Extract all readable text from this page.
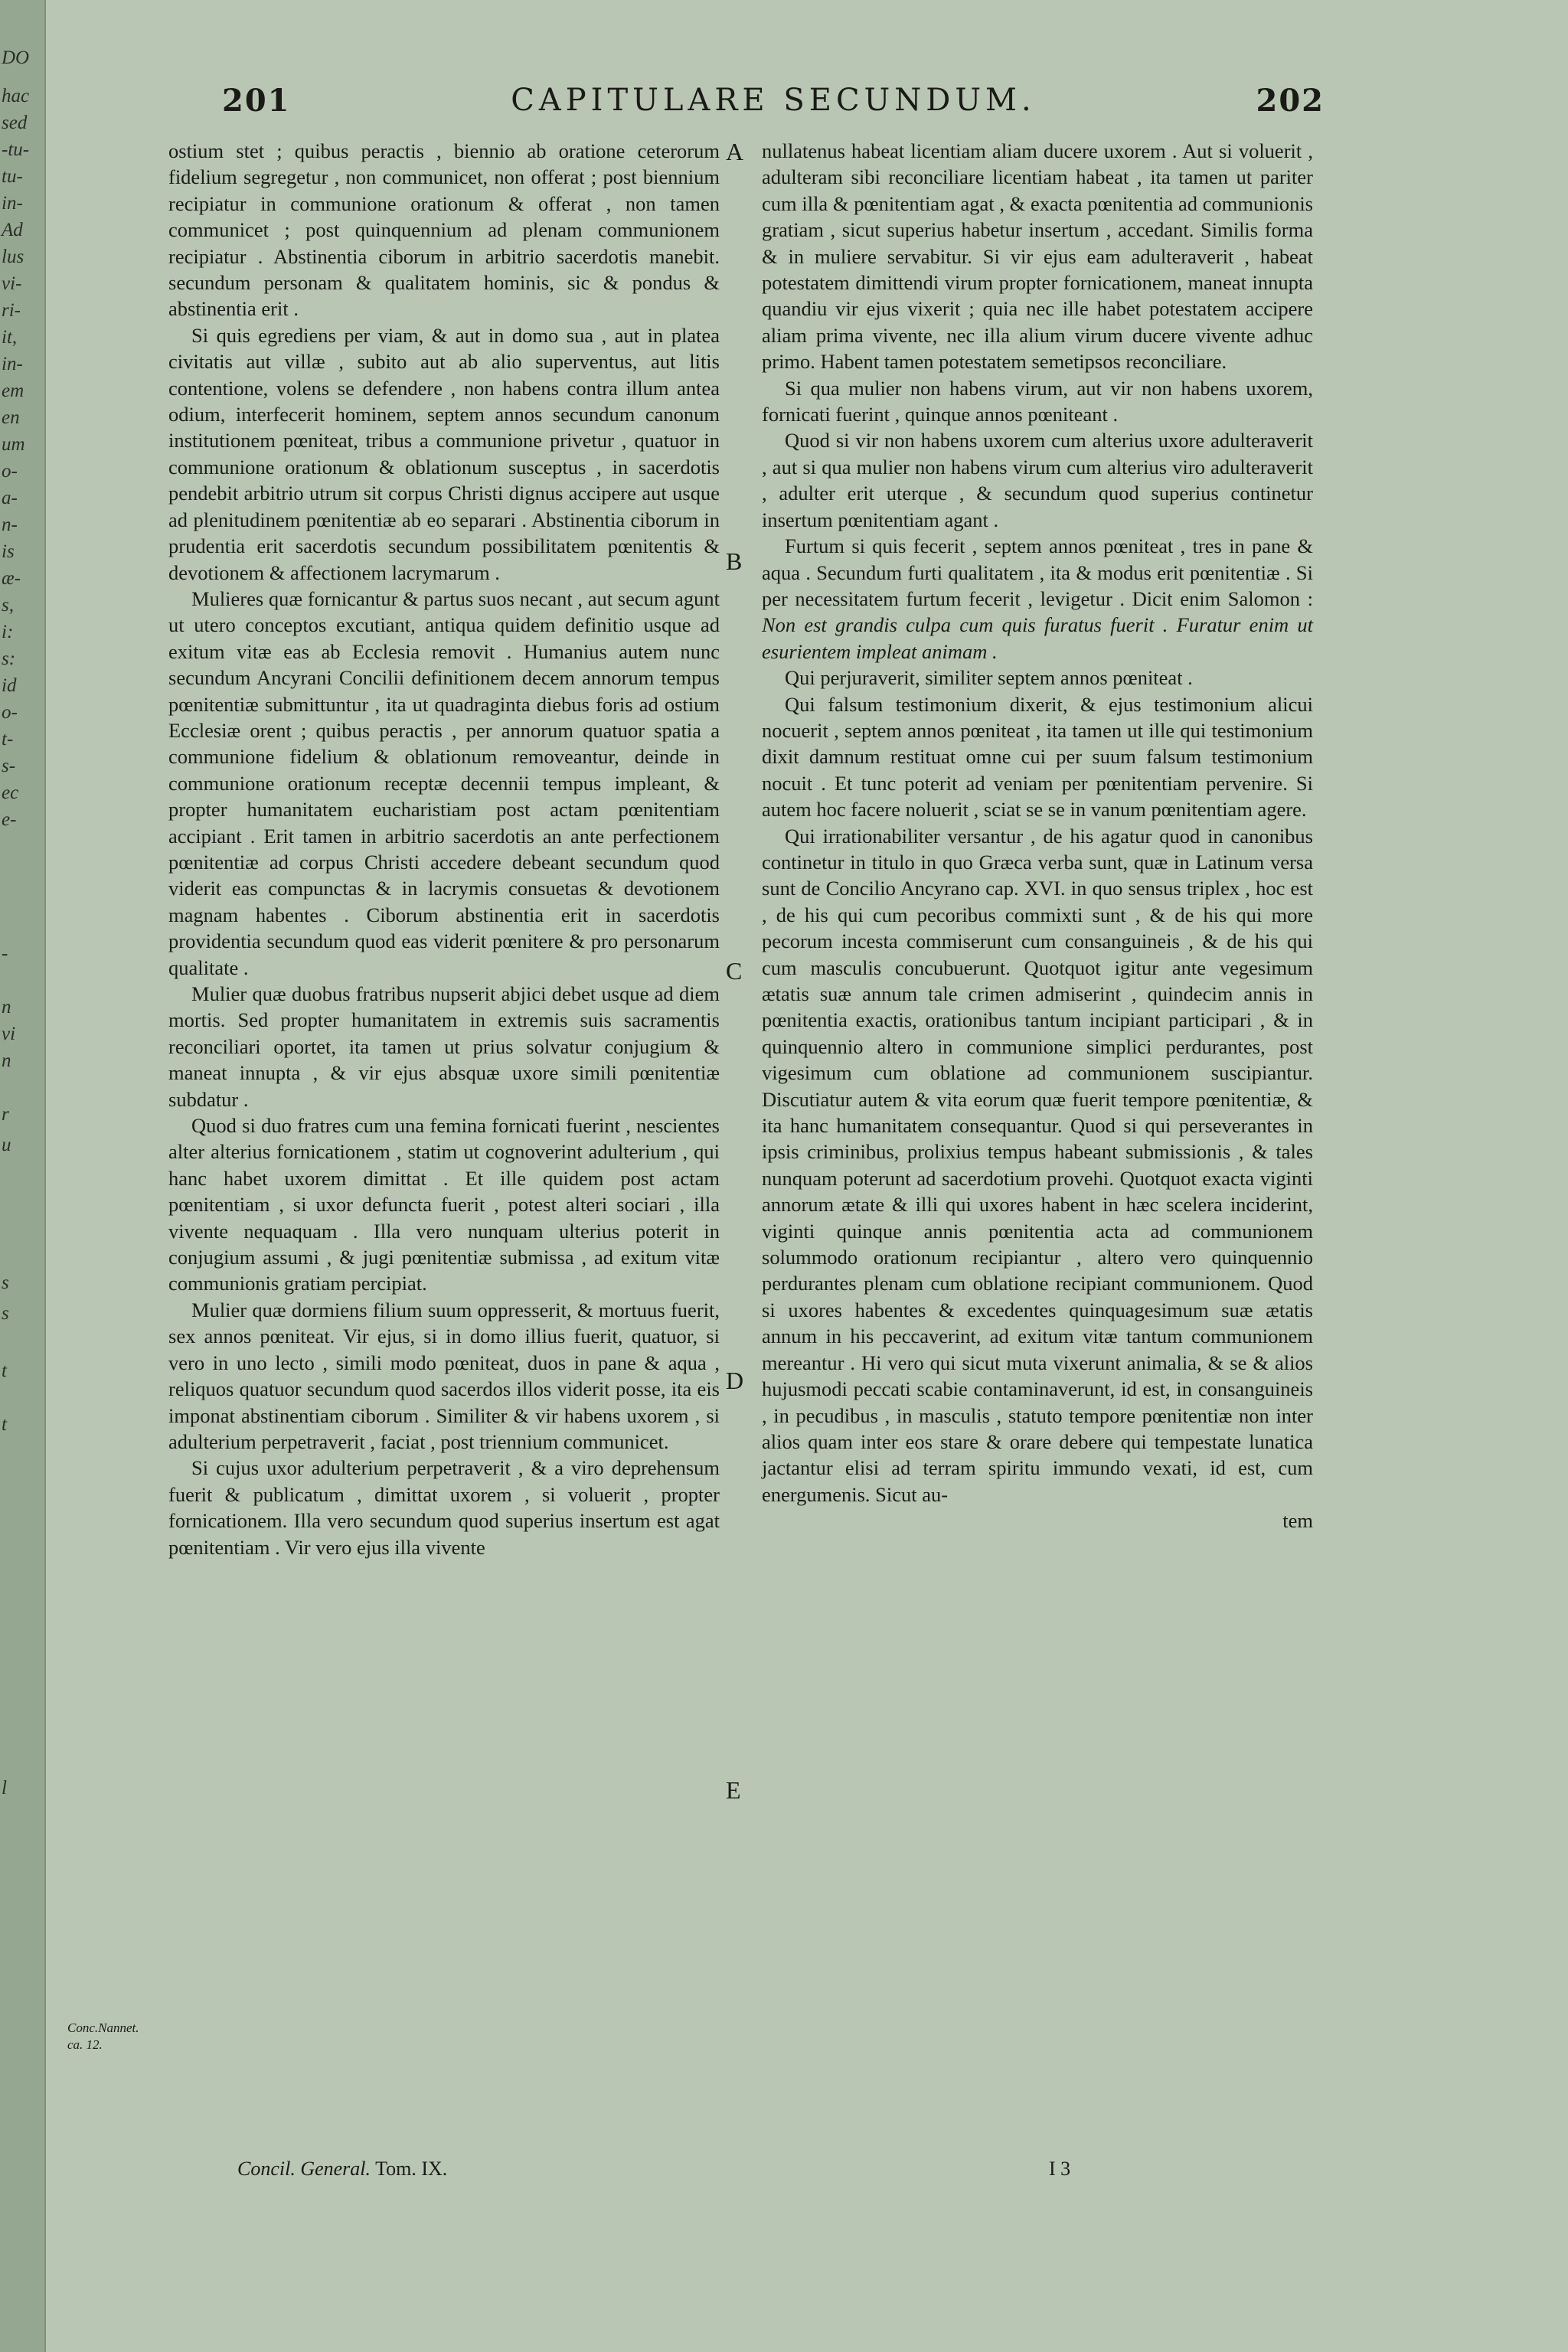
DO
hac
sed
-tu-
tu-
in-
Ad
lus
vi-
ri-
it,
in-
em
en
um
o-
a-
n-
is
æ-
s,
i:
s:
id
o-
t-
s-
ec
e-
-
n
vi
n
r
u
s
s
t
t
l
201	CAPITULARE SECUNDUM.	202

ostium stet ; quibus peractis , biennio ab oratione ceterorum fidelium segregetur , non communicet, non offerat ; post biennium recipiatur in communione orationum & offerat , non tamen communicet ; post quinquennium ad plenam communionem recipiatur . Abstinentia ciborum in arbitrio sacerdotis manebit. secundum personam & qualitatem hominis, sic & pondus & abstinentia erit .

Si quis egrediens per viam, & aut in domo sua , aut in platea civitatis aut villæ , subito aut ab alio superventus, aut litis contentione, volens se defendere , non habens contra illum antea odium, interfecerit hominem, septem annos secundum canonum institutionem pœniteat, tribus a communione privetur , quatuor in communione orationum & oblationum susceptus , in sacerdotis pendebit arbitrio utrum sit corpus Christi dignus accipere aut usque ad plenitudinem pœnitentiæ ab eo separari . Abstinentia ciborum in prudentia erit sacerdotis secundum possibilitatem pœnitentis & devotionem & affectionem lacrymarum .

Mulieres quæ fornicantur & partus suos necant , aut secum agunt ut utero conceptos excutiant, antiqua quidem definitio usque ad exitum vitæ eas ab Ecclesia removit . Humanius autem nunc secundum Ancyrani Concilii definitionem decem annorum tempus pœnitentiæ submittuntur , ita ut quadraginta diebus foris ad ostium Ecclesiæ orent ; quibus peractis , per annorum quatuor spatia a communione fidelium & oblationum removeantur, deinde in communione orationum receptæ decennii tempus impleant, & propter humanitatem eucharistiam post actam pœnitentiam accipiant . Erit tamen in arbitrio sacerdotis an ante perfectionem pœnitentiæ ad corpus Christi accedere debeant secundum quod viderit eas compunctas & in lacrymis consuetas & devotionem magnam habentes . Ciborum abstinentia erit in sacerdotis providentia secundum quod eas viderit pœnitere & pro personarum qualitate .

Mulier quæ duobus fratribus nupserit abjici debet usque ad diem mortis. Sed propter humanitatem in extremis suis sacramentis reconciliari oportet, ita tamen ut prius solvatur conjugium & maneat innupta , & vir ejus absquæ uxore simili pœnitentiæ subdatur .

Quod si duo fratres cum una femina fornicati fuerint , nescientes alter alterius fornicationem , statim ut cognoverint adulterium , qui hanc habet uxorem dimittat . Et ille quidem post actam pœnitentiam , si uxor defuncta fuerit , potest alteri sociari , illa vivente nequaquam . Illa vero nunquam ulterius poterit in conjugium assumi , & jugi pœnitentiæ submissa , ad exitum vitæ communionis gratiam percipiat.

Mulier quæ dormiens filium suum oppresserit, & mortuus fuerit, sex annos pœniteat. Vir ejus, si in domo illius fuerit, quatuor, si vero in uno lecto , simili modo pœniteat, duos in pane & aqua , reliquos quatuor secundum quod sacerdos illos viderit posse, ita eis imponat abstinentiam ciborum . Similiter & vir habens uxorem , si adulterium perpetraverit , faciat , post triennium communicet.

Si cujus uxor adulterium perpetraverit , & a viro deprehensum fuerit & publicatum , dimittat uxorem , si voluerit , propter fornicationem. Illa vero secundum quod superius insertum est agat pœnitentiam . Vir vero ejus illa vivente

A
B
C
D
E

nullatenus habeat licentiam aliam ducere uxorem . Aut si voluerit , adulteram sibi reconciliare licentiam habeat , ita tamen ut pariter cum illa & pœnitentiam agat , & exacta pœnitentia ad communionis gratiam , sicut superius habetur insertum , accedant. Similis forma & in muliere servabitur. Si vir ejus eam adulteraverit , habeat potestatem dimittendi virum propter fornicationem, maneat innupta quandiu vir ejus vixerit ; quia nec ille habet potestatem accipere aliam prima vivente, nec illa alium virum ducere vivente adhuc primo. Habent tamen potestatem semetipsos reconciliare.

Si qua mulier non habens virum, aut vir non habens uxorem, fornicati fuerint , quinque annos pœniteant .

Quod si vir non habens uxorem cum alterius uxore adulteraverit , aut si qua mulier non habens virum cum alterius viro adulteraverit , adulter erit uterque , & secundum quod superius continetur insertum pœnitentiam agant .

Furtum si quis fecerit , septem annos pœniteat , tres in pane & aqua . Secundum furti qualitatem , ita & modus erit pœnitentiæ . Si per necessitatem furtum fecerit , levigetur . Dicit enim Salomon : Non est grandis culpa cum quis furatus fuerit . Furatur enim ut esurientem impleat animam .

Qui perjuraverit, similiter septem annos pœniteat .

Qui falsum testimonium dixerit, & ejus testimonium alicui nocuerit , septem annos pœniteat , ita tamen ut ille qui testimonium dixit damnum restituat omne cui per suum falsum testimonium nocuit . Et tunc poterit ad veniam per pœnitentiam pervenire. Si autem hoc facere noluerit , sciat se se in vanum pœnitentiam agere.

Qui irrationabiliter versantur , de his agatur quod in canonibus continetur in titulo in quo Græca verba sunt, quæ in Latinum versa sunt de Concilio Ancyrano cap. XVI. in quo sensus triplex , hoc est , de his qui cum pecoribus commixti sunt , & de his qui more pecorum incesta commiserunt cum consanguineis , & de his qui cum masculis concubuerunt. Quotquot igitur ante vegesimum ætatis suæ annum tale crimen admiserint , quindecim annis in pœnitentia exactis, orationibus tantum incipiant participari , & in quinquennio altero in communione simplici perdurantes, post vigesimum cum oblatione ad communionem suscipiantur. Discutiatur autem & vita eorum quæ fuerit tempore pœnitentiæ, & ita hanc humanitatem consequantur. Quod si qui perseverantes in ipsis criminibus, prolixius tempus habeant submissionis , & tales nunquam poterunt ad sacerdotium provehi. Quotquot exacta viginti annorum ætate & illi qui uxores habent in hæc scelera inciderint, viginti quinque annis pœnitentia acta ad communionem solummodo orationum recipiantur , altero vero quinquennio perdurantes plenam cum oblatione recipiant communionem. Quod si uxores habentes & excedentes quinquagesimum suæ ætatis annum in his peccaverint, ad exitum vitæ tantum communionem mereantur . Hi vero qui sicut muta vixerunt animalia, & se & alios hujusmodi peccati scabie contaminaverunt, id est, in consanguineis , in pecudibus , in masculis , statuto tempore pœnitentiæ non inter alios quam inter eos stare & orare debere qui tempestate lunatica jactantur elisi ad terram spiritu immundo vexati, id est, cum energumenis. Sicut au-

tem

Conc.Nannet. ca. 12.
Concil. General. Tom. IX.	I 3
